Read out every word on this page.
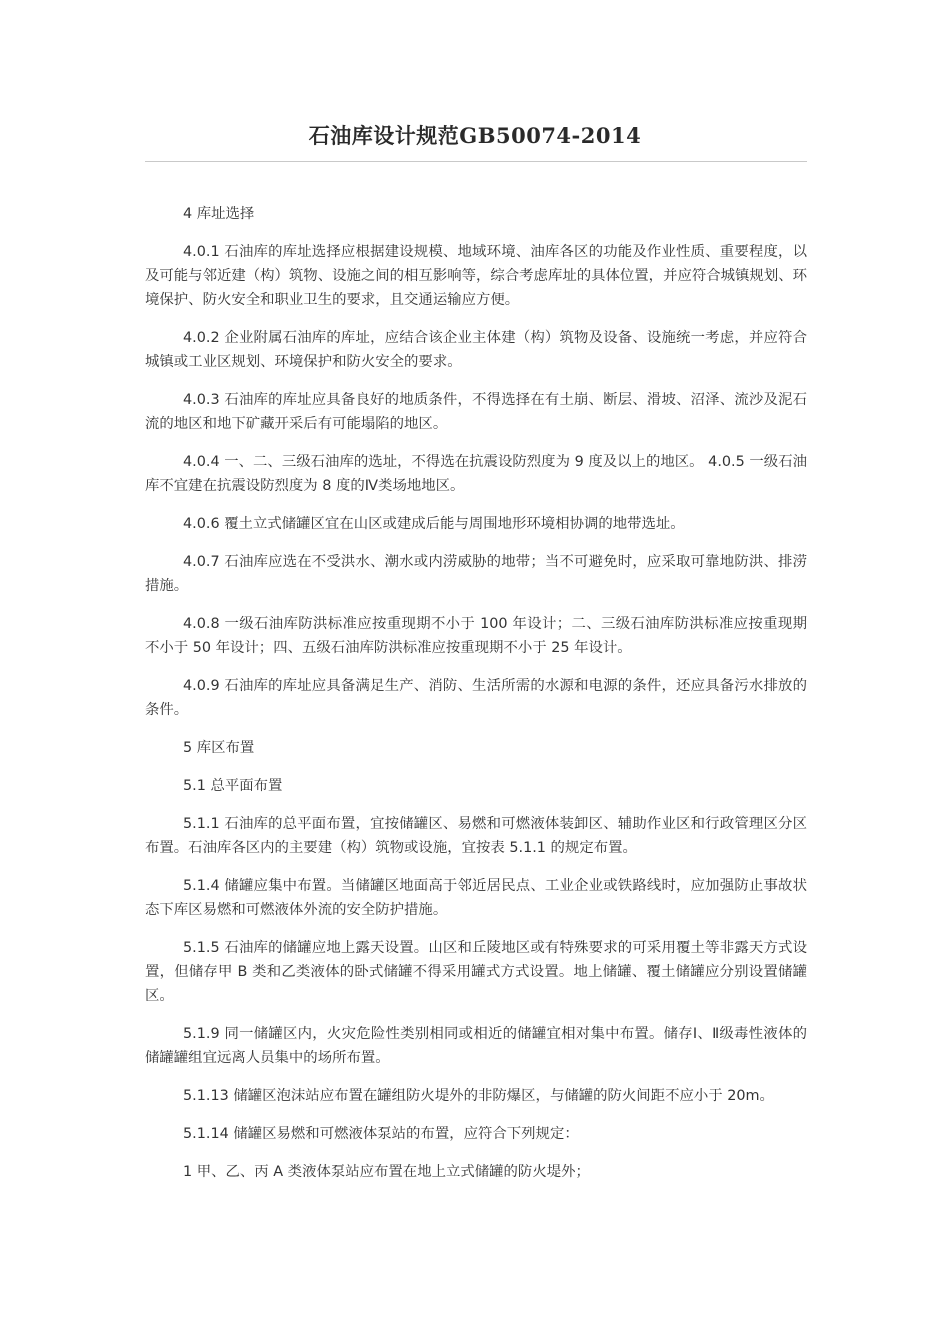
石油库设计规范GB50074-2014

4 库址选择

4.0.1 石油库的库址选择应根据建设规模、地域环境、油库各区的功能及作业性质、重要程度，以及可能与邻近建（构）筑物、设施之间的相互影响等，综合考虑库址的具体位置，并应符合城镇规划、环境保护、防火安全和职业卫生的要求，且交通运输应方便。

4.0.2 企业附属石油库的库址，应结合该企业主体建（构）筑物及设备、设施统一考虑，并应符合城镇或工业区规划、环境保护和防火安全的要求。

4.0.3 石油库的库址应具备良好的地质条件，不得选择在有土崩、断层、滑坡、沼泽、流沙及泥石流的地区和地下矿藏开采后有可能塌陷的地区。

4.0.4 一、二、三级石油库的选址，不得选在抗震设防烈度为 9 度及以上的地区。 4.0.5 一级石油库不宜建在抗震设防烈度为 8 度的Ⅳ类场地地区。

4.0.6 覆土立式储罐区宜在山区或建成后能与周围地形环境相协调的地带选址。

4.0.7 石油库应选在不受洪水、潮水或内涝威胁的地带；当不可避免时，应采取可靠地防洪、排涝措施。

4.0.8 一级石油库防洪标准应按重现期不小于 100 年设计；二、三级石油库防洪标准应按重现期不小于 50 年设计；四、五级石油库防洪标准应按重现期不小于 25 年设计。

4.0.9 石油库的库址应具备满足生产、消防、生活所需的水源和电源的条件，还应具备污水排放的条件。

5 库区布置

5.1 总平面布置

5.1.1 石油库的总平面布置，宜按储罐区、易燃和可燃液体装卸区、辅助作业区和行政管理区分区布置。石油库各区内的主要建（构）筑物或设施，宜按表 5.1.1 的规定布置。

5.1.4 储罐应集中布置。当储罐区地面高于邻近居民点、工业企业或铁路线时，应加强防止事故状态下库区易燃和可燃液体外流的安全防护措施。

5.1.5 石油库的储罐应地上露天设置。山区和丘陵地区或有特殊要求的可采用覆土等非露天方式设置，但储存甲 B 类和乙类液体的卧式储罐不得采用罐式方式设置。地上储罐、覆土储罐应分别设置储罐区。

5.1.9 同一储罐区内，火灾危险性类别相同或相近的储罐宜相对集中布置。储存Ⅰ、Ⅱ级毒性液体的储罐罐组宜远离人员集中的场所布置。

5.1.13 储罐区泡沫站应布置在罐组防火堤外的非防爆区，与储罐的防火间距不应小于 20m。

5.1.14 储罐区易燃和可燃液体泵站的布置，应符合下列规定：

1 甲、乙、丙 A 类液体泵站应布置在地上立式储罐的防火堤外；
